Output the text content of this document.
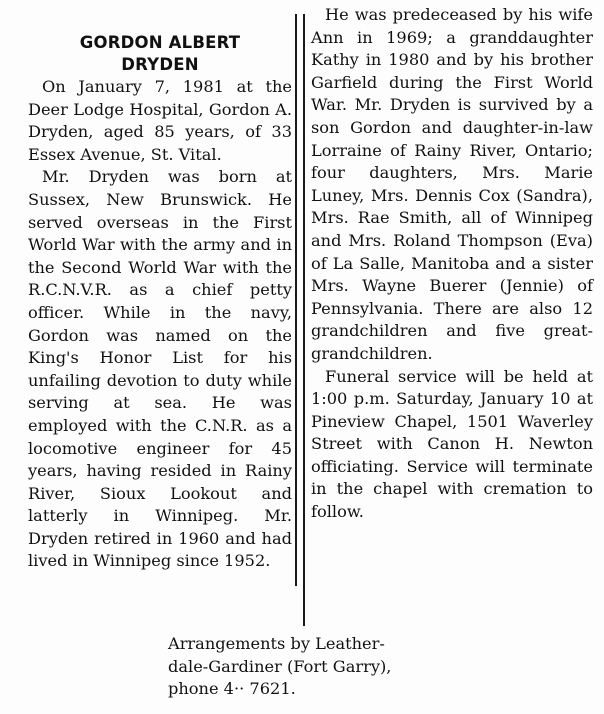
GORDON ALBERT
DRYDEN

On January 7, 1981 at the Deer Lodge Hospital, Gordon A. Dryden, aged 85 years, of 33 Essex Avenue, St. Vital.

Mr. Dryden was born at Sussex, New Brunswick. He served overseas in the First World War with the army and in the Second World War with the R.C.N.V.R. as a chief petty officer. While in the navy, Gordon was named on the King's Honor List for his unfailing devotion to duty while serving at sea. He was employed with the C.N.R. as a locomotive engineer for 45 years, having resided in Rainy River, Sioux Lookout and latterly in Winnipeg. Mr. Dryden retired in 1960 and had lived in Winnipeg since 1952.

He was predeceased by his wife Ann in 1969; a granddaughter Kathy in 1980 and by his brother Garfield during the First World War. Mr. Dryden is survived by a son Gordon and daughter-in-law Lorraine of Rainy River, Ontario; four daughters, Mrs. Marie Luney, Mrs. Dennis Cox (Sandra), Mrs. Rae Smith, all of Winnipeg and Mrs. Roland Thompson (Eva) of La Salle, Manitoba and a sister Mrs. Wayne Buerer (Jennie) of Pennsylvania. There are also 12 grandchildren and five great-grandchildren.

Funeral service will be held at 1:00 p.m. Saturday, January 10 at Pineview Chapel, 1501 Waverley Street with Canon H. Newton officiating. Service will terminate in the chapel with cremation to follow.

Arrangements by Leather-
dale-Gardiner (Fort Garry),
phone 4·· 7621.
